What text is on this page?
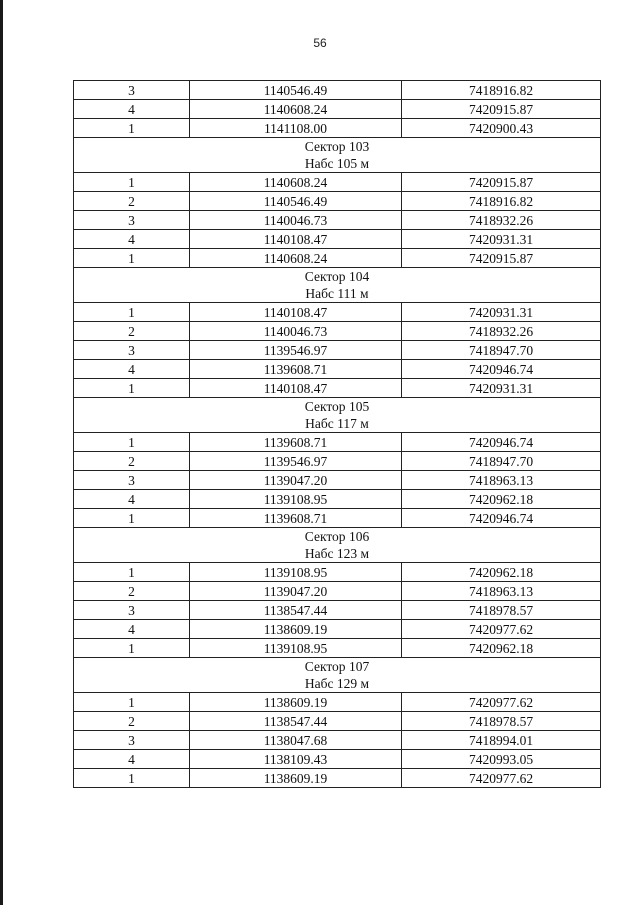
56
3	1140546.49	7418916.82
4	1140608.24	7420915.87
1	1141108.00	7420900.43

Сектор 103
Набс 105 м		

1	1140608.24	7420915.87
2	1140546.49	7418916.82
3	1140046.73	7418932.26
4	1140108.47	7420931.31
1	1140608.24	7420915.87

Сектор 104
Набс 111 м		

1	1140108.47	7420931.31
2	1140046.73	7418932.26
3	1139546.97	7418947.70
4	1139608.71	7420946.74
1	1140108.47	7420931.31

Сектор 105
Набс 117 м		

1	1139608.71	7420946.74
2	1139546.97	7418947.70
3	1139047.20	7418963.13
4	1139108.95	7420962.18
1	1139608.71	7420946.74

Сектор 106
Набс 123 м		

1	1139108.95	7420962.18
2	1139047.20	7418963.13
3	1138547.44	7418978.57
4	1138609.19	7420977.62
1	1139108.95	7420962.18

Сектор 107
Набс 129 м		

1	1138609.19	7420977.62
2	1138547.44	7418978.57
3	1138047.68	7418994.01
4	1138109.43	7420993.05
1	1138609.19	7420977.62
